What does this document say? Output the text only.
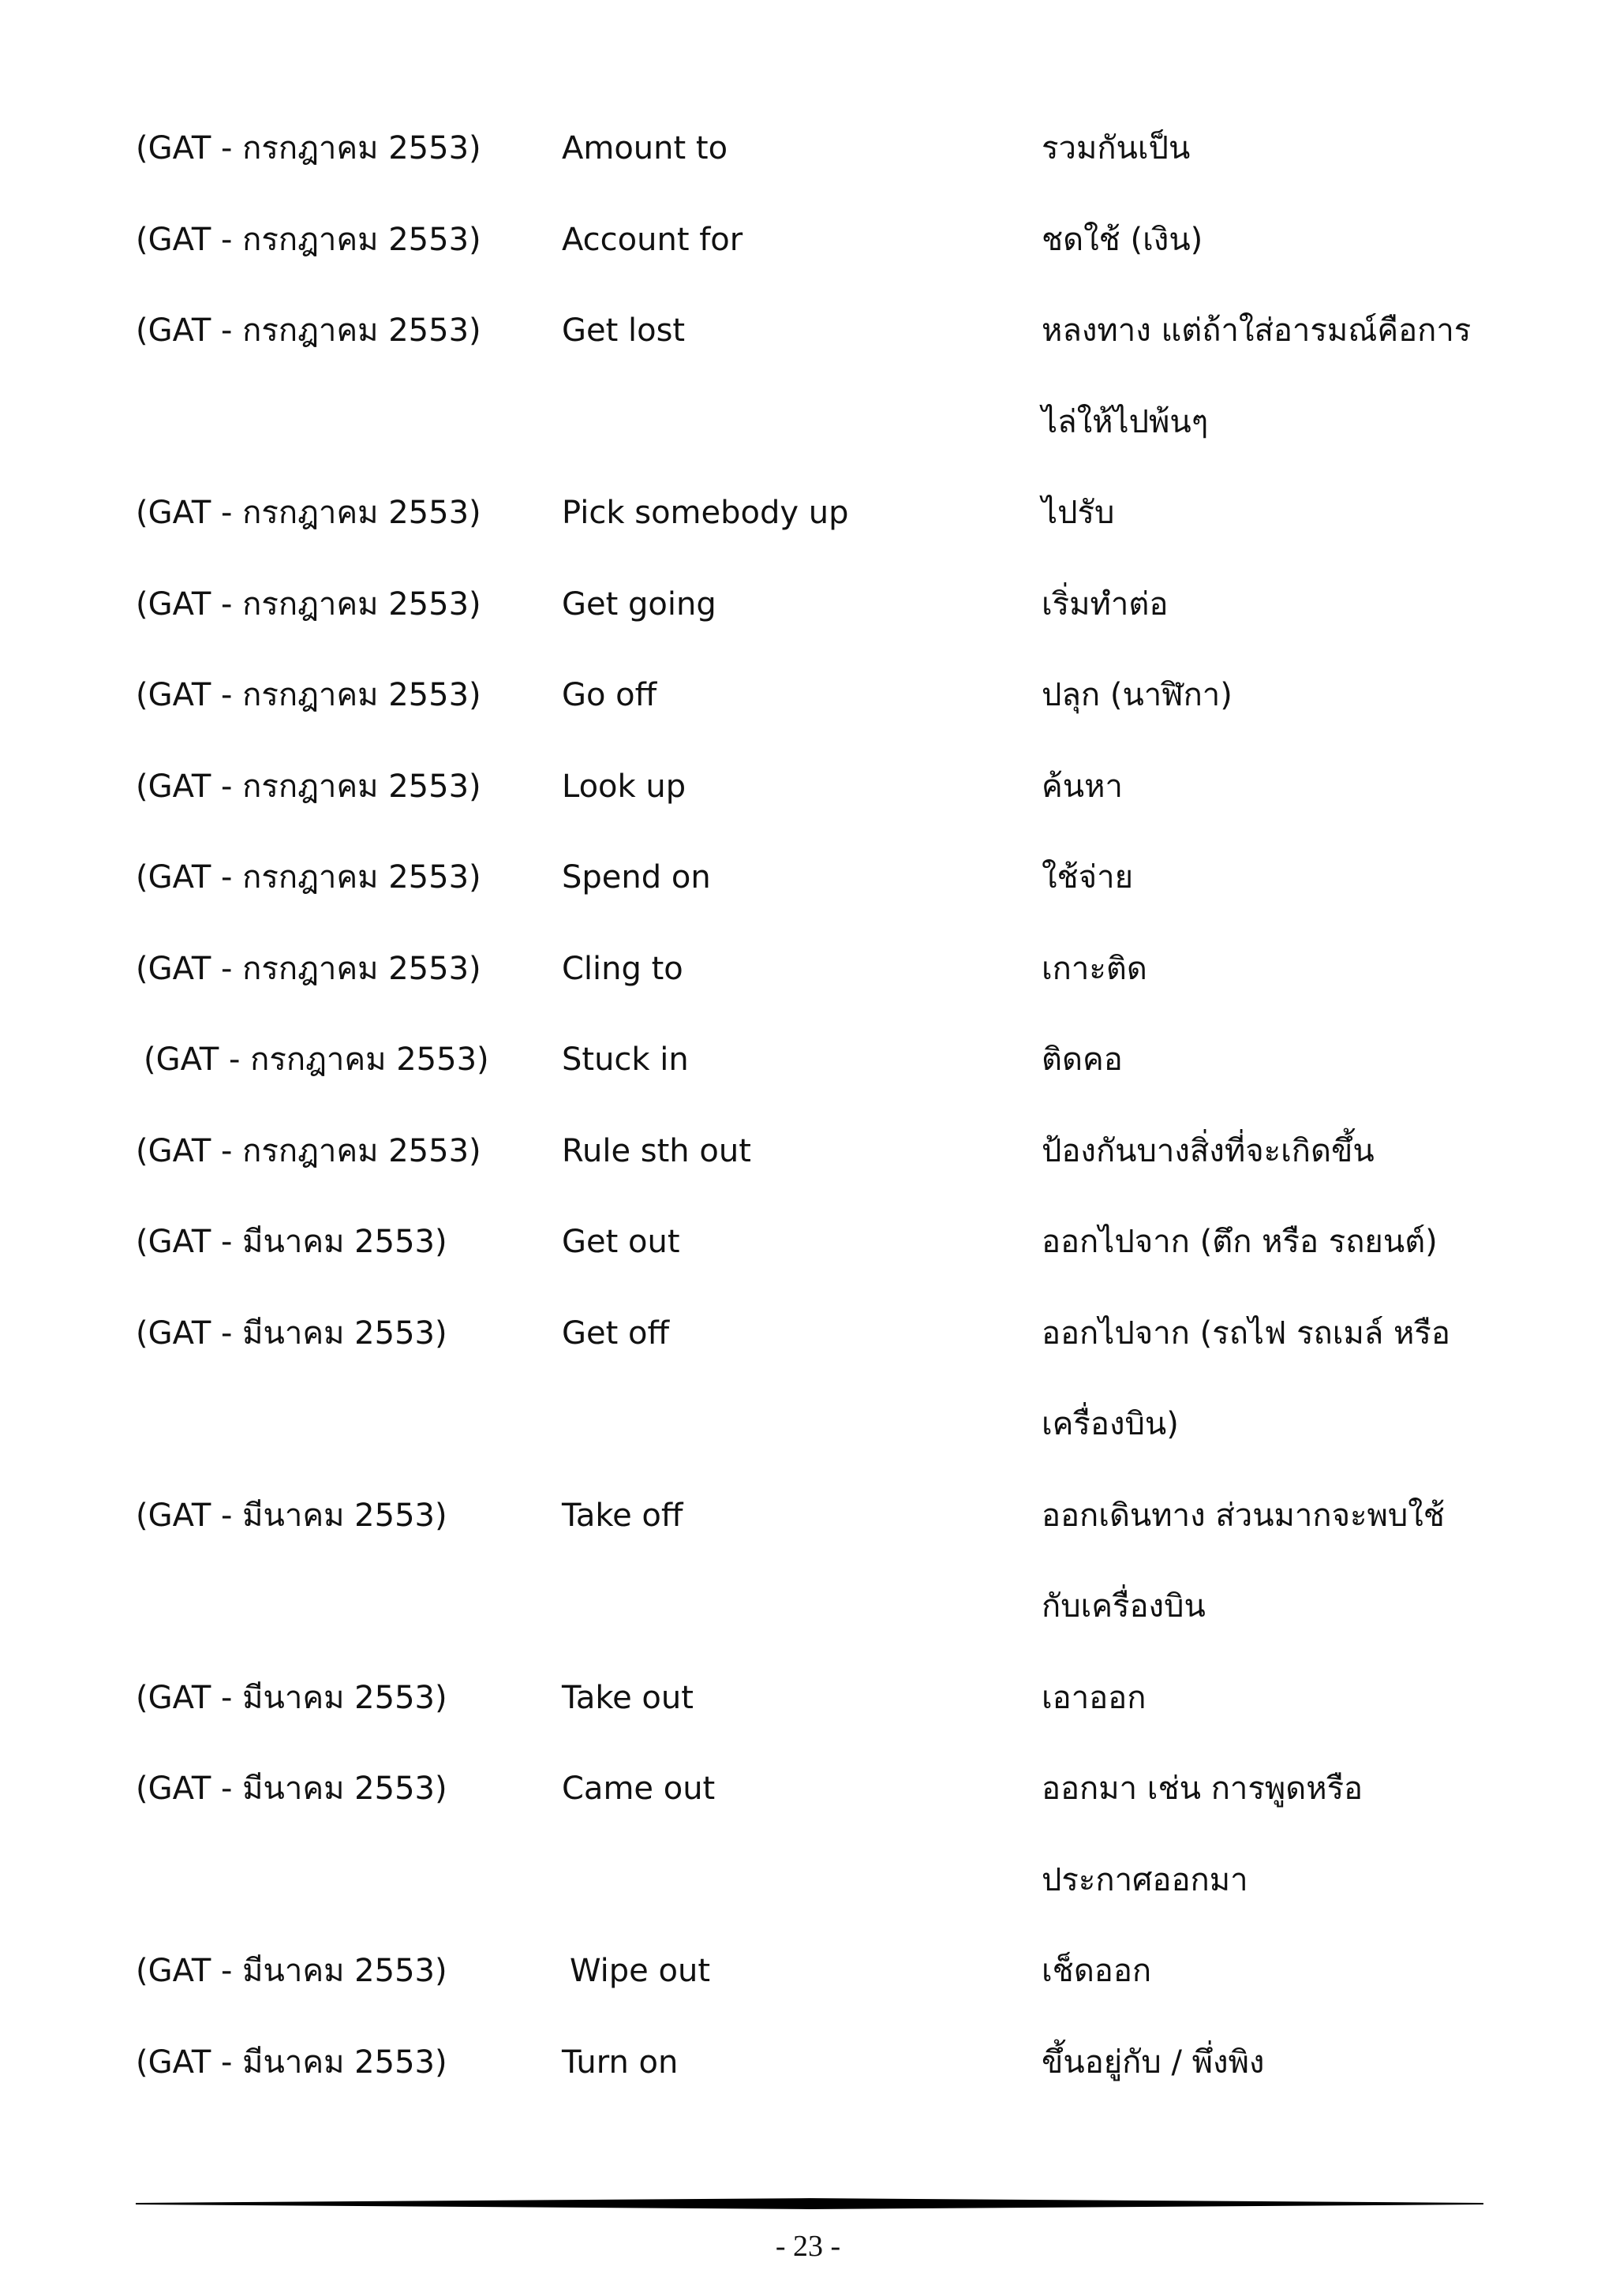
(GAT - กรกฎาคม 2553)	Amount to	รวมกันเป็น
(GAT - กรกฎาคม 2553)	Account for	ชดใช้ (เงิน)
(GAT - กรกฎาคม 2553)	Get lost	หลงทาง แต่ถ้าใส่อารมณ์คือการ
ไล่ให้ไปพ้นๆ
(GAT - กรกฎาคม 2553)	Pick somebody up	ไปรับ
(GAT - กรกฎาคม 2553)	Get going	เริ่มทำต่อ
(GAT - กรกฎาคม 2553)	Go off	ปลุก (นาฬิกา)
(GAT - กรกฎาคม 2553)	Look up	ค้นหา
(GAT - กรกฎาคม 2553)	Spend on	ใช้จ่าย
(GAT - กรกฎาคม 2553)	Cling to	เกาะติด
(GAT - กรกฎาคม 2553) Stuck in	ติดคอ
(GAT - กรกฎาคม 2553)	Rule sth out	ป้องกันบางสิ่งที่จะเกิดขึ้น
(GAT - มีนาคม 2553)	Get out	ออกไปจาก (ตึก หรือ รถยนต์)
(GAT - มีนาคม 2553)	Get off	ออกไปจาก (รถไฟ รถเมล์ หรือ
เครื่องบิน)
(GAT - มีนาคม 2553)	Take off	ออกเดินทาง ส่วนมากจะพบใช้
กับเครื่องบิน
(GAT - มีนาคม 2553)	Take out	เอาออก
(GAT - มีนาคม 2553)	Came out	ออกมา เช่น การพูดหรือ
ประกาศออกมา
(GAT - มีนาคม 2553)	Wipe out	เช็ดออก
(GAT - มีนาคม 2553)	Turn on	ขึ้นอยู่กับ / พึ่งพิง
- 23 -
